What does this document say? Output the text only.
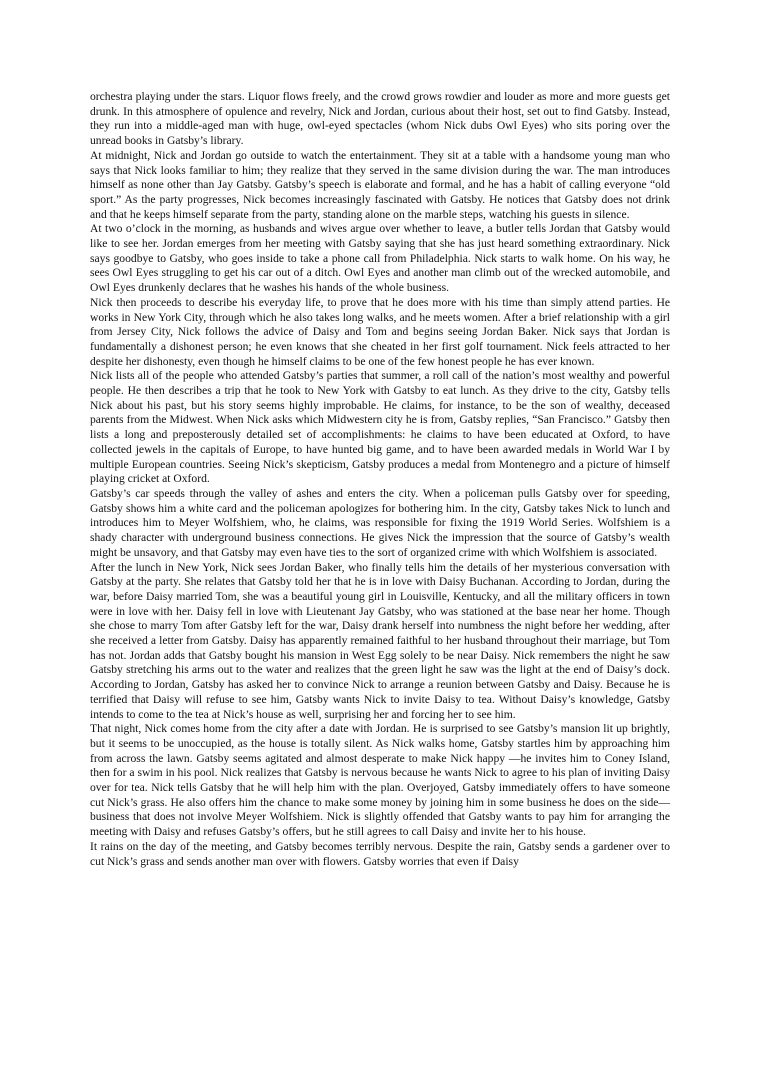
orchestra playing under the stars. Liquor flows freely, and the crowd grows rowdier and louder as more and more guests get drunk. In this atmosphere of opulence and revelry, Nick and Jordan, curious about their host, set out to find Gatsby. Instead, they run into a middle-aged man with huge, owl-eyed spectacles (whom Nick dubs Owl Eyes) who sits poring over the unread books in Gatsby’s library.

At midnight, Nick and Jordan go outside to watch the entertainment. They sit at a table with a handsome young man who says that Nick looks familiar to him; they realize that they served in the same division during the war. The man introduces himself as none other than Jay Gatsby. Gatsby’s speech is elaborate and formal, and he has a habit of calling everyone “old sport.” As the party progresses, Nick becomes increasingly fascinated with Gatsby. He notices that Gatsby does not drink and that he keeps himself separate from the party, standing alone on the marble steps, watching his guests in silence.

At two o’clock in the morning, as husbands and wives argue over whether to leave, a butler tells Jordan that Gatsby would like to see her. Jordan emerges from her meeting with Gatsby saying that she has just heard something extraordinary. Nick says goodbye to Gatsby, who goes inside to take a phone call from Philadelphia. Nick starts to walk home. On his way, he sees Owl Eyes struggling to get his car out of a ditch. Owl Eyes and another man climb out of the wrecked automobile, and Owl Eyes drunkenly declares that he washes his hands of the whole business.

Nick then proceeds to describe his everyday life, to prove that he does more with his time than simply attend parties. He works in New York City, through which he also takes long walks, and he meets women. After a brief relationship with a girl from Jersey City, Nick follows the advice of Daisy and Tom and begins seeing Jordan Baker. Nick says that Jordan is fundamentally a dishonest person; he even knows that she cheated in her first golf tournament. Nick feels attracted to her despite her dishonesty, even though he himself claims to be one of the few honest people he has ever known.

Nick lists all of the people who attended Gatsby’s parties that summer, a roll call of the nation’s most wealthy and powerful people. He then describes a trip that he took to New York with Gatsby to eat lunch. As they drive to the city, Gatsby tells Nick about his past, but his story seems highly improbable. He claims, for instance, to be the son of wealthy, deceased parents from the Midwest. When Nick asks which Midwestern city he is from, Gatsby replies, “San Francisco.” Gatsby then lists a long and preposterously detailed set of accomplishments: he claims to have been educated at Oxford, to have collected jewels in the capitals of Europe, to have hunted big game, and to have been awarded medals in World War I by multiple European countries. Seeing Nick’s skepticism, Gatsby produces a medal from Montenegro and a picture of himself playing cricket at Oxford.

Gatsby’s car speeds through the valley of ashes and enters the city. When a policeman pulls Gatsby over for speeding, Gatsby shows him a white card and the policeman apologizes for bothering him. In the city, Gatsby takes Nick to lunch and introduces him to Meyer Wolfshiem, who, he claims, was responsible for fixing the 1919 World Series. Wolfshiem is a shady character with underground business connections. He gives Nick the impression that the source of Gatsby’s wealth might be unsavory, and that Gatsby may even have ties to the sort of organized crime with which Wolfshiem is associated.

After the lunch in New York, Nick sees Jordan Baker, who finally tells him the details of her mysterious conversation with Gatsby at the party. She relates that Gatsby told her that he is in love with Daisy Buchanan. According to Jordan, during the war, before Daisy married Tom, she was a beautiful young girl in Louisville, Kentucky, and all the military officers in town were in love with her. Daisy fell in love with Lieutenant Jay Gatsby, who was stationed at the base near her home. Though she chose to marry Tom after Gatsby left for the war, Daisy drank herself into numbness the night before her wedding, after she received a letter from Gatsby. Daisy has apparently remained faithful to her husband throughout their marriage, but Tom has not. Jordan adds that Gatsby bought his mansion in West Egg solely to be near Daisy. Nick remembers the night he saw Gatsby stretching his arms out to the water and realizes that the green light he saw was the light at the end of Daisy’s dock. According to Jordan, Gatsby has asked her to convince Nick to arrange a reunion between Gatsby and Daisy. Because he is terrified that Daisy will refuse to see him, Gatsby wants Nick to invite Daisy to tea. Without Daisy’s knowledge, Gatsby intends to come to the tea at Nick’s house as well, surprising her and forcing her to see him.

That night, Nick comes home from the city after a date with Jordan. He is surprised to see Gatsby’s mansion lit up brightly, but it seems to be unoccupied, as the house is totally silent. As Nick walks home, Gatsby startles him by approaching him from across the lawn. Gatsby seems agitated and almost desperate to make Nick happy —he invites him to Coney Island, then for a swim in his pool. Nick realizes that Gatsby is nervous because he wants Nick to agree to his plan of inviting Daisy over for tea. Nick tells Gatsby that he will help him with the plan. Overjoyed, Gatsby immediately offers to have someone cut Nick’s grass. He also offers him the chance to make some money by joining him in some business he does on the side—business that does not involve Meyer Wolfshiem. Nick is slightly offended that Gatsby wants to pay him for arranging the meeting with Daisy and refuses Gatsby’s offers, but he still agrees to call Daisy and invite her to his house.

It rains on the day of the meeting, and Gatsby becomes terribly nervous. Despite the rain, Gatsby sends a gardener over to cut Nick’s grass and sends another man over with flowers. Gatsby worries that even if Daisy
